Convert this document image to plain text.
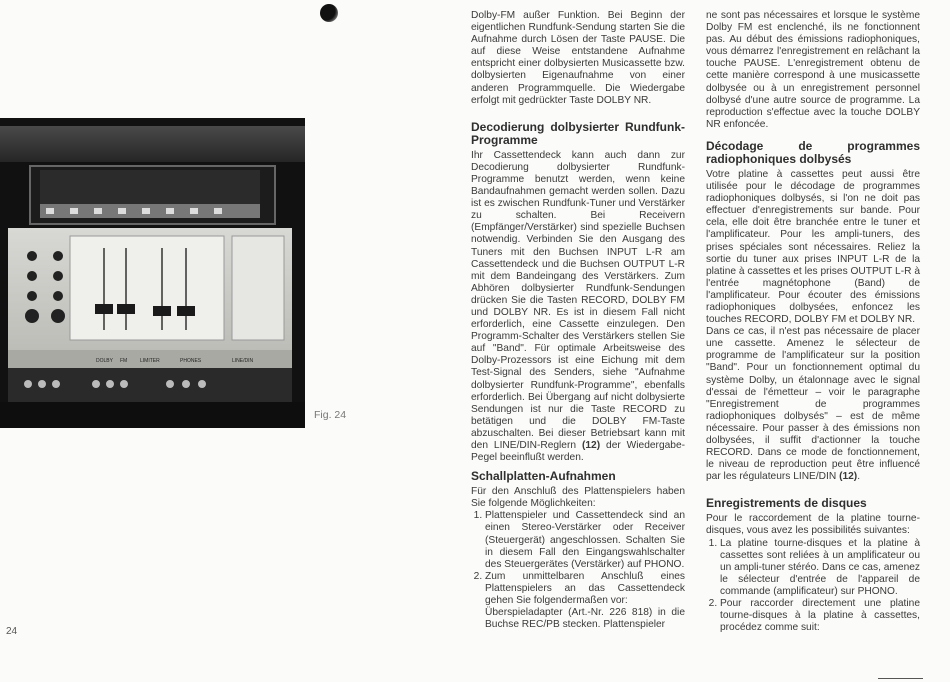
DOLBY FM	LIMITER	PHONES	LINE/DIN
Fig. 24

Dolby-FM außer Funktion. Bei Beginn der eigentlichen Rundfunk-Sendung starten Sie die Aufnahme durch Lösen der Taste PAUSE. Die auf diese Weise entstandene Aufnahme entspricht einer dolbysierten Musicassette bzw. dolbysierten Eigenaufnahme von einer anderen Programmquelle. Die Wiedergabe erfolgt mit gedrückter Taste DOLBY NR.

Decodierung dolbysierter Rundfunk-Programme

Ihr Cassettendeck kann auch dann zur Decodierung dolbysierter Rundfunk-Programme benutzt werden, wenn keine Bandaufnahmen gemacht werden sollen. Dazu ist es zwischen Rundfunk-Tuner und Verstärker zu schalten. Bei Receivern (Empfänger/Verstärker) sind spezielle Buchsen notwendig. Verbinden Sie den Ausgang des Tuners mit den Buchsen INPUT L-R am Cassettendeck und die Buchsen OUTPUT L-R mit dem Bandeingang des Verstärkers. Zum Abhören dolbysierter Rundfunk-Sendungen drücken Sie die Tasten RECORD, DOLBY FM und DOLBY NR. Es ist in diesem Fall nicht erforderlich, eine Cassette einzulegen. Den Programm-Schalter des Verstärkers stellen Sie auf "Band". Für optimale Arbeitsweise des Dolby-Prozessors ist eine Eichung mit dem Test-Signal des Senders, siehe "Aufnahme dolbysierter Rundfunk-Programme", ebenfalls erforderlich. Bei Übergang auf nicht dolbysierte Sendungen ist nur die Taste RECORD zu betätigen und die DOLBY FM-Taste abzuschalten. Bei dieser Betriebsart kann mit den LINE/DIN-Reglern (12) der Wiedergabe-Pegel beeinflußt werden.

Schallplatten-Aufnahmen

Für den Anschluß des Plattenspielers haben Sie folgende Möglichkeiten:

1. Plattenspieler und Cassettendeck sind an einen Stereo-Verstärker oder Receiver (Steuergerät) angeschlossen. Schalten Sie in diesem Fall den Eingangswahlschalter des Steuergerätes (Verstärker) auf PHONO.
2. Zum unmittelbaren Anschluß eines Plattenspielers an das Cassettendeck gehen Sie folgendermaßen vor:

Überspieladapter (Art.-Nr. 226 818) in die Buchse REC/PB stecken. Plattenspieler

ne sont pas nécessaires et lorsque le système Dolby FM est enclenché, ils ne fonctionnent pas. Au début des émissions radiophoniques, vous démarrez l'enregistrement en relâchant la touche PAUSE. L'enregistrement obtenu de cette manière correspond à une musicassette dolbysée ou à un enregistrement personnel dolbysé d'une autre source de programme. La reproduction s'effectue avec la touche DOLBY NR enfoncée.

Décodage de programmes radiophoniques dolbysés

Votre platine à cassettes peut aussi être utilisée pour le décodage de programmes radiophoniques dolbysés, si l'on ne doit pas effectuer d'enregistrements sur bande. Pour cela, elle doit être branchée entre le tuner et l'amplificateur. Pour les ampli-tuners, des prises spéciales sont nécessaires. Reliez la sortie du tuner aux prises INPUT L-R de la platine à cassettes et les prises OUTPUT L-R à l'entrée magnétophone (Band) de l'amplificateur. Pour écouter des émissions radiophoniques dolbysées, enfoncez les touches RECORD, DOLBY FM et DOLBY NR.

Dans ce cas, il n'est pas nécessaire de placer une cassette. Amenez le sélecteur de programme de l'amplificateur sur la position "Band". Pour un fonctionnement optimal du système Dolby, un étalonnage avec le signal d'essai de l'émetteur – voir le paragraphe "Enregistrement de programmes radiophoniques dolbysés" – est de même nécessaire. Pour passer à des émissions non dolbysées, il suffit d'actionner la touche RECORD. Dans ce mode de fonctionnement, le niveau de reproduction peut être influencé par les régulateurs LINE/DIN (12).

Enregistrements de disques

Pour le raccordement de la platine tourne-disques, vous avez les possibilités suivantes:

1. La platine tourne-disques et la platine à cassettes sont reliées à un amplificateur ou un ampli-tuner stéréo. Dans ce cas, amenez le sélecteur d'entrée de l'appareil de commande (amplificateur) sur PHONO.
2. Pour raccorder directement une platine tourne-disques à la platine à cassettes, procédez comme suit:
24
